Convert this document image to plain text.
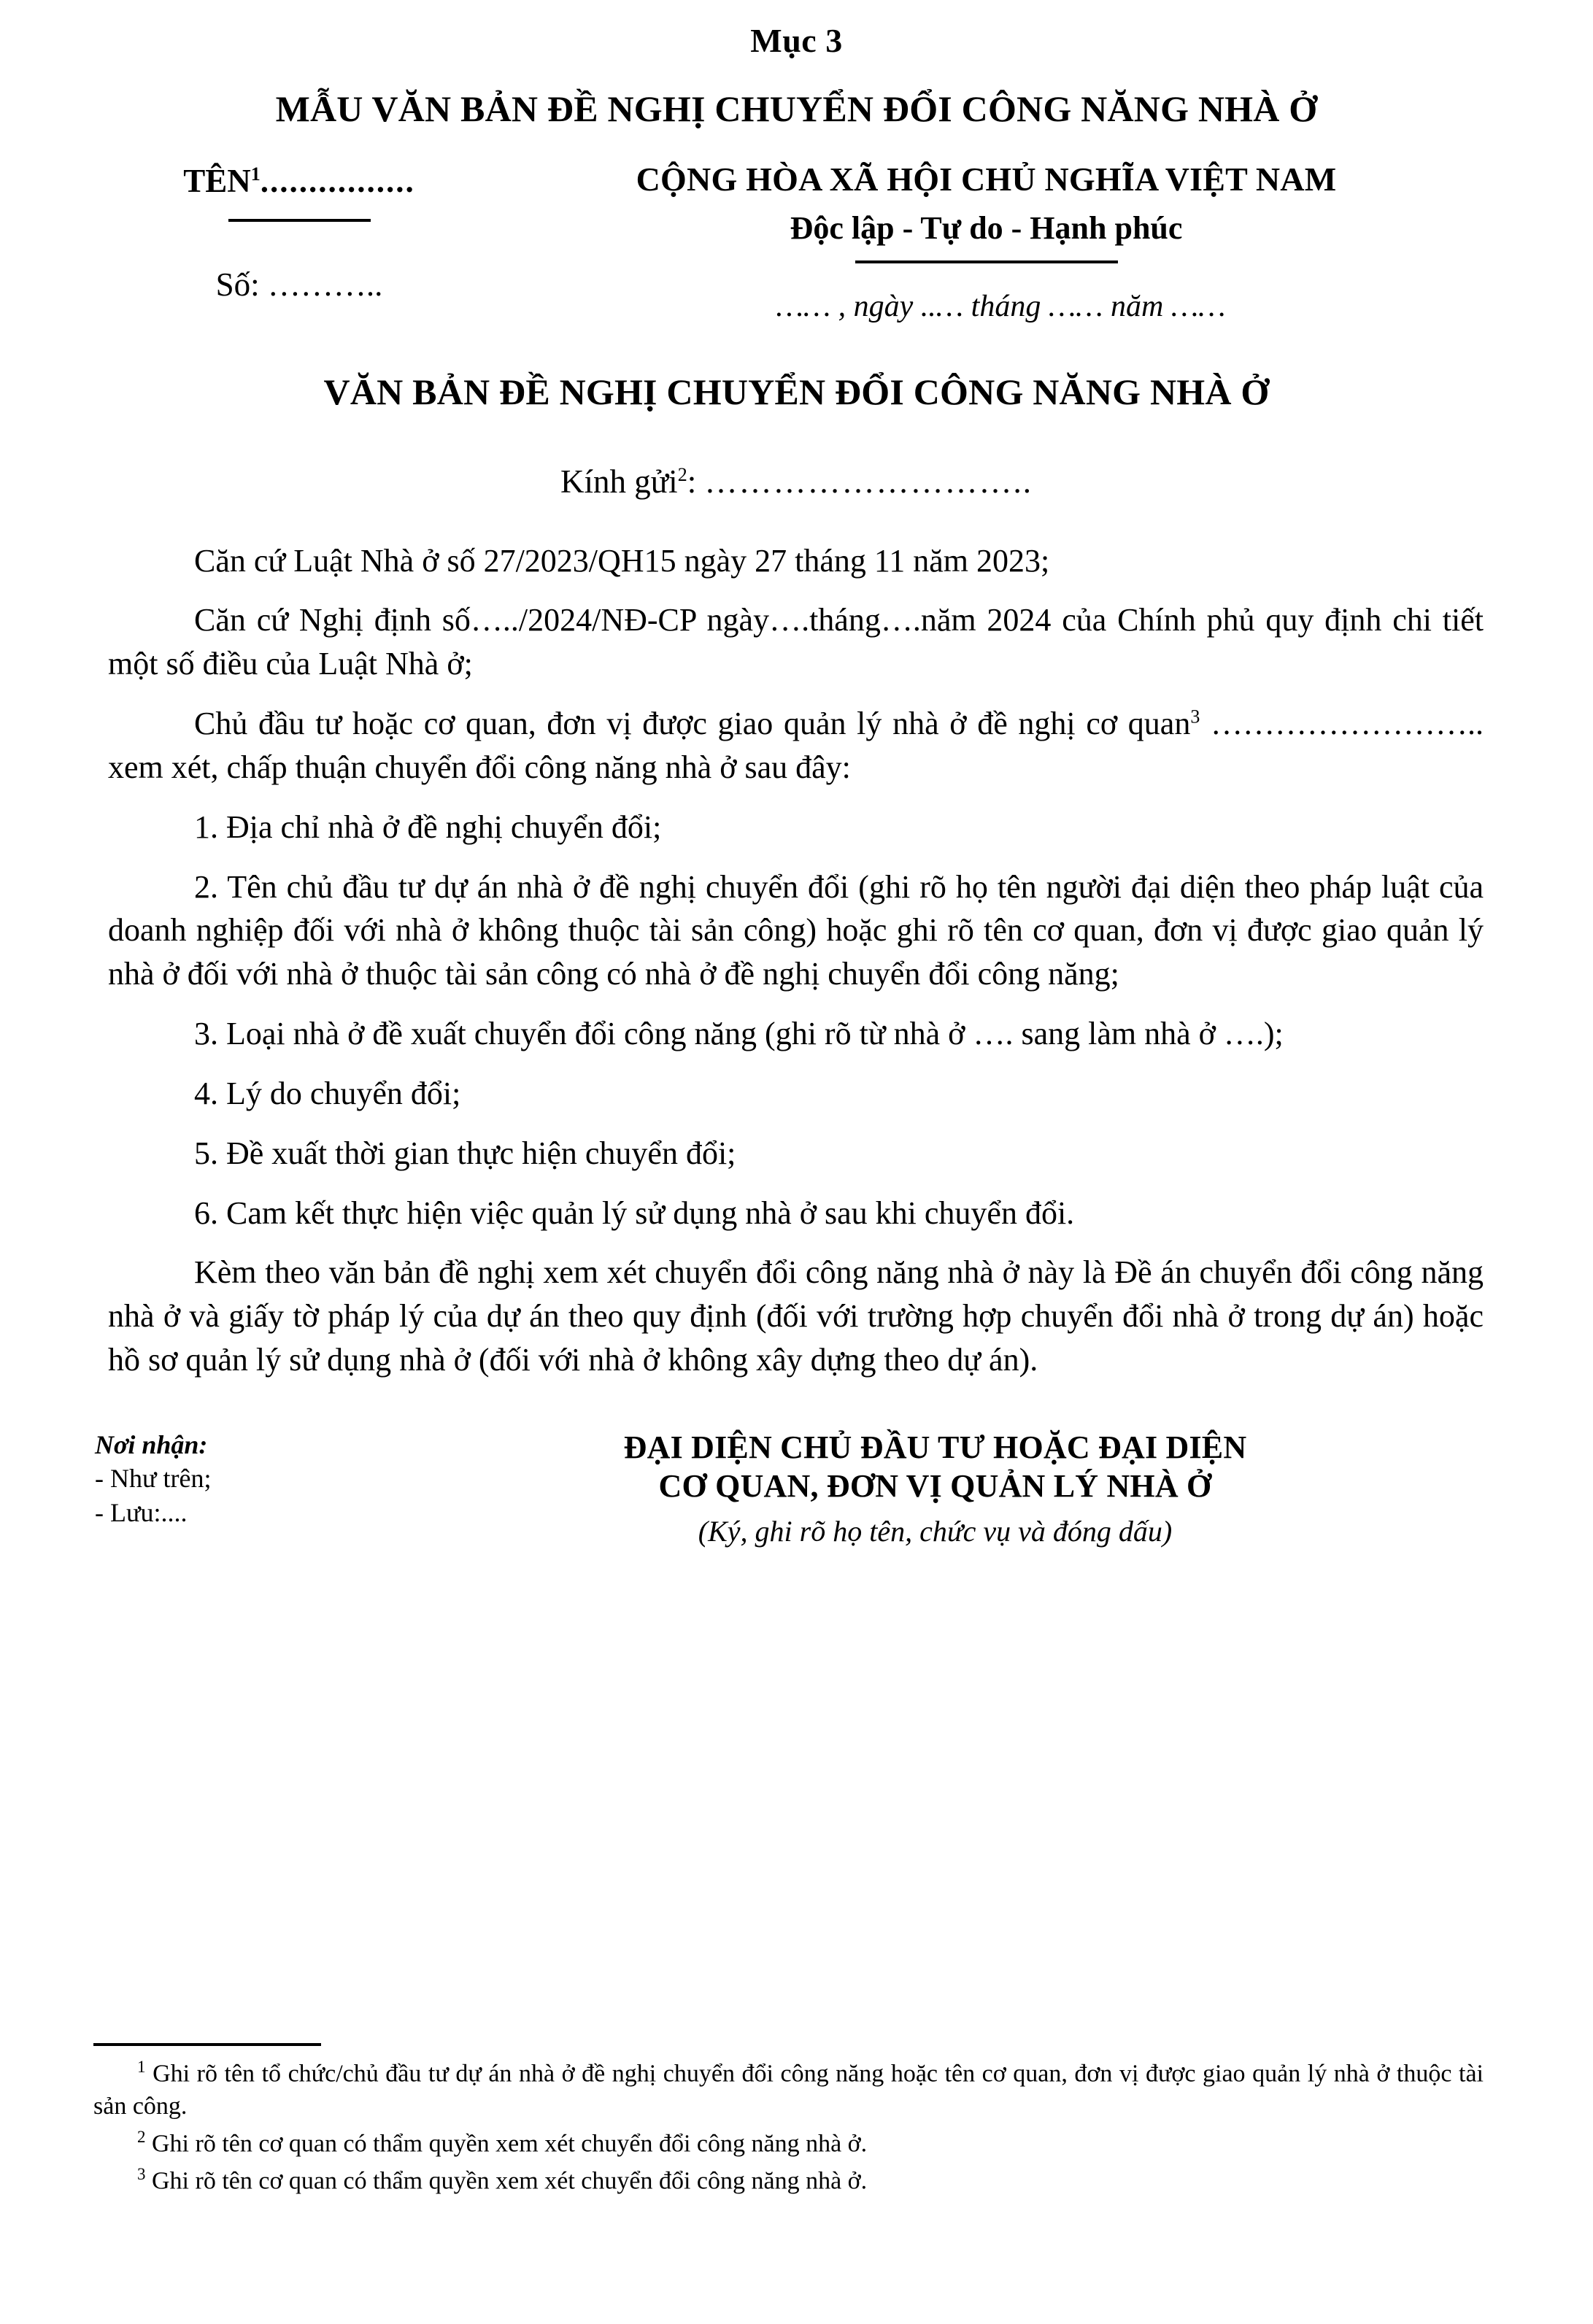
Mục 3
MẪU VĂN BẢN ĐỀ NGHỊ CHUYỂN ĐỔI CÔNG NĂNG NHÀ Ở
TÊN$^1$................
Số: ………..
CỘNG HÒA XÃ HỘI CHỦ NGHĨA VIỆT NAM
Độc lập - Tự do - Hạnh phúc
…… , ngày ..… tháng …… năm ……
VĂN BẢN ĐỀ NGHỊ CHUYỂN ĐỔI CÔNG NĂNG NHÀ Ở
Kính gửi$^2$: ………………………..

Căn cứ Luật Nhà ở số 27/2023/QH15 ngày 27 tháng 11 năm 2023;

Căn cứ Nghị định số…../2024/NĐ-CP ngày….tháng….năm 2024 của Chính phủ quy định chi tiết một số điều của Luật Nhà ở;

Chủ đầu tư hoặc cơ quan, đơn vị được giao quản lý nhà ở đề nghị cơ quan$^3$ …………………….. xem xét, chấp thuận chuyển đổi công năng nhà ở sau đây:

1. Địa chỉ nhà ở đề nghị chuyển đổi;

2. Tên chủ đầu tư dự án nhà ở đề nghị chuyển đổi (ghi rõ họ tên người đại diện theo pháp luật của doanh nghiệp đối với nhà ở không thuộc tài sản công) hoặc ghi rõ tên cơ quan, đơn vị được giao quản lý nhà ở đối với nhà ở thuộc tài sản công có nhà ở đề nghị chuyển đổi công năng;

3. Loại nhà ở đề xuất chuyển đổi công năng (ghi rõ từ nhà ở …. sang làm nhà ở ….);

4. Lý do chuyển đổi;

5. Đề xuất thời gian thực hiện chuyển đổi;

6. Cam kết thực hiện việc quản lý sử dụng nhà ở sau khi chuyển đổi.

Kèm theo văn bản đề nghị xem xét chuyển đổi công năng nhà ở này là Đề án chuyển đổi công năng nhà ở và giấy tờ pháp lý của dự án theo quy định (đối với trường hợp chuyển đổi nhà ở trong dự án) hoặc hồ sơ quản lý sử dụng nhà ở (đối với nhà ở không xây dựng theo dự án).

Nơi nhận:
- Như trên;
- Lưu:....
ĐẠI DIỆN CHỦ ĐẦU TƯ HOẶC ĐẠI DIỆN
CƠ QUAN, ĐƠN VỊ QUẢN LÝ NHÀ Ở
(Ký, ghi rõ họ tên, chức vụ và đóng dấu)

$^1$ Ghi rõ tên tổ chức/chủ đầu tư dự án nhà ở đề nghị chuyển đổi công năng hoặc tên cơ quan, đơn vị được giao quản lý nhà ở thuộc tài sản công.

$^2$ Ghi rõ tên cơ quan có thẩm quyền xem xét chuyển đổi công năng nhà ở.

$^3$ Ghi rõ tên cơ quan có thẩm quyền xem xét chuyển đổi công năng nhà ở.
